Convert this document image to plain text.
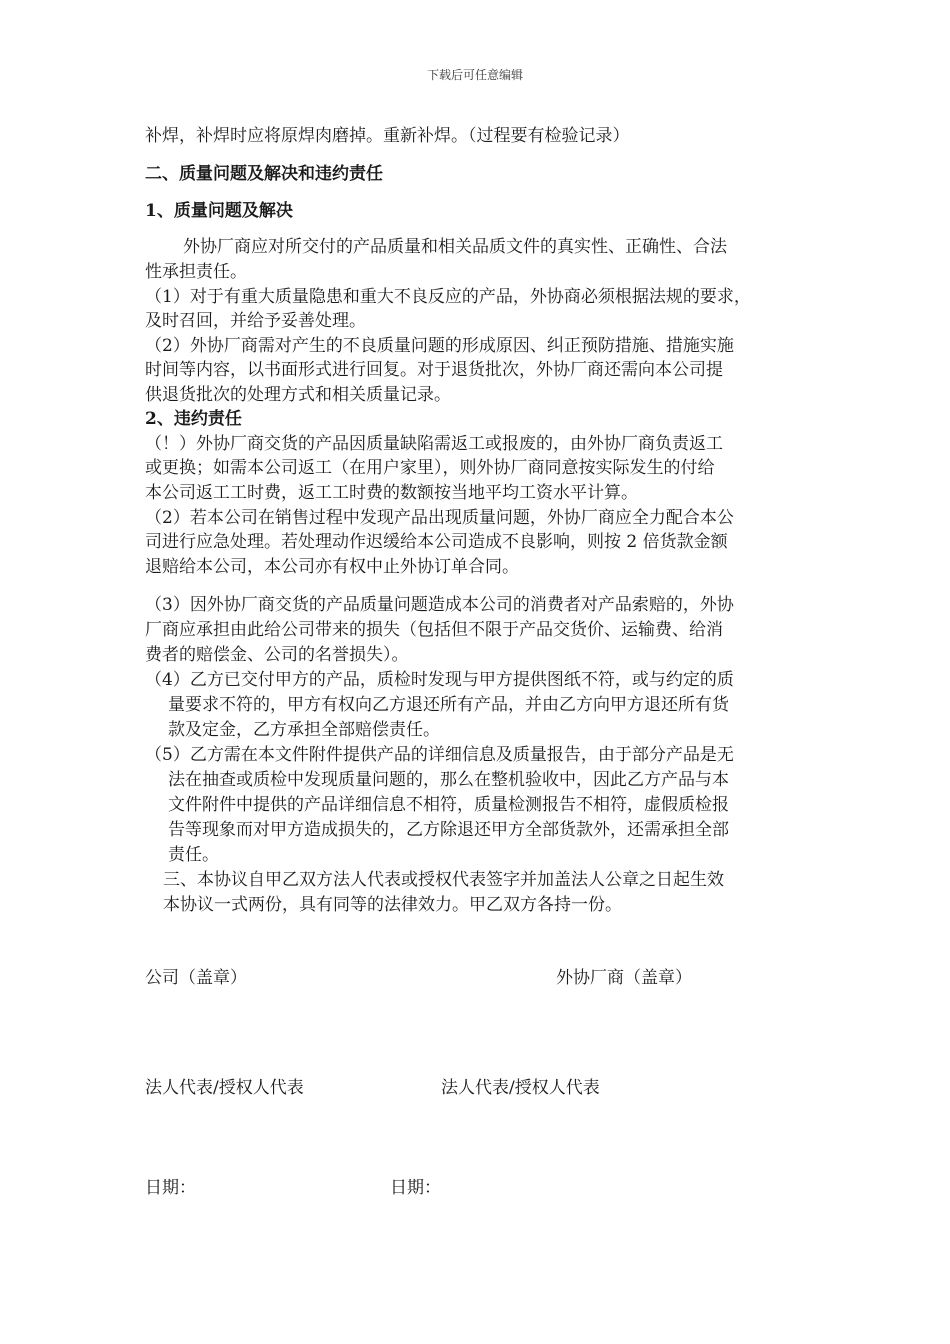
下载后可任意编辑
补焊，补焊时应将原焊肉磨掉。重新补焊。（过程要有检验记录）
二、质量问题及解决和违约责任
1、质量问题及解决
外协厂商应对所交付的产品质量和相关品质文件的真实性、正确性、合法
性承担责任。
（1）对于有重大质量隐患和重大不良反应的产品，外协商必须根据法规的要求，
及时召回，并给予妥善处理。
（2）外协厂商需对产生的不良质量问题的形成原因、纠正预防措施、措施实施
时间等内容，以书面形式进行回复。对于退货批次，外协厂商还需向本公司提
供退货批次的处理方式和相关质量记录。
2、违约责任
（！）外协厂商交货的产品因质量缺陷需返工或报废的，由外协厂商负责返工
或更换；如需本公司返工（在用户家里），则外协厂商同意按实际发生的付给
本公司返工工时费，返工工时费的数额按当地平均工资水平计算。
（2）若本公司在销售过程中发现产品出现质量问题，外协厂商应全力配合本公
司进行应急处理。若处理动作迟缓给本公司造成不良影响，则按 2 倍货款金额
退赔给本公司，本公司亦有权中止外协订单合同。
（3）因外协厂商交货的产品质量问题造成本公司的消费者对产品索赔的，外协
厂商应承担由此给公司带来的损失（包括但不限于产品交货价、运输费、给消
费者的赔偿金、公司的名誉损失）。
（4）乙方已交付甲方的产品，质检时发现与甲方提供图纸不符，或与约定的质
量要求不符的，甲方有权向乙方退还所有产品，并由乙方向甲方退还所有货
款及定金，乙方承担全部赔偿责任。
（5）乙方需在本文件附件提供产品的详细信息及质量报告，由于部分产品是无
法在抽查或质检中发现质量问题的，那么在整机验收中，因此乙方产品与本
文件附件中提供的产品详细信息不相符，质量检测报告不相符，虚假质检报
告等现象而对甲方造成损失的，乙方除退还甲方全部货款外，还需承担全部
责任。
三、本协议自甲乙双方法人代表或授权代表签字并加盖法人公章之日起生效
本协议一式两份，具有同等的法律效力。甲乙双方各持一份。
公司（盖章）	外协厂商（盖章）
法人代表/授权人代表	法人代表/授权人代表
日期：	日期：
